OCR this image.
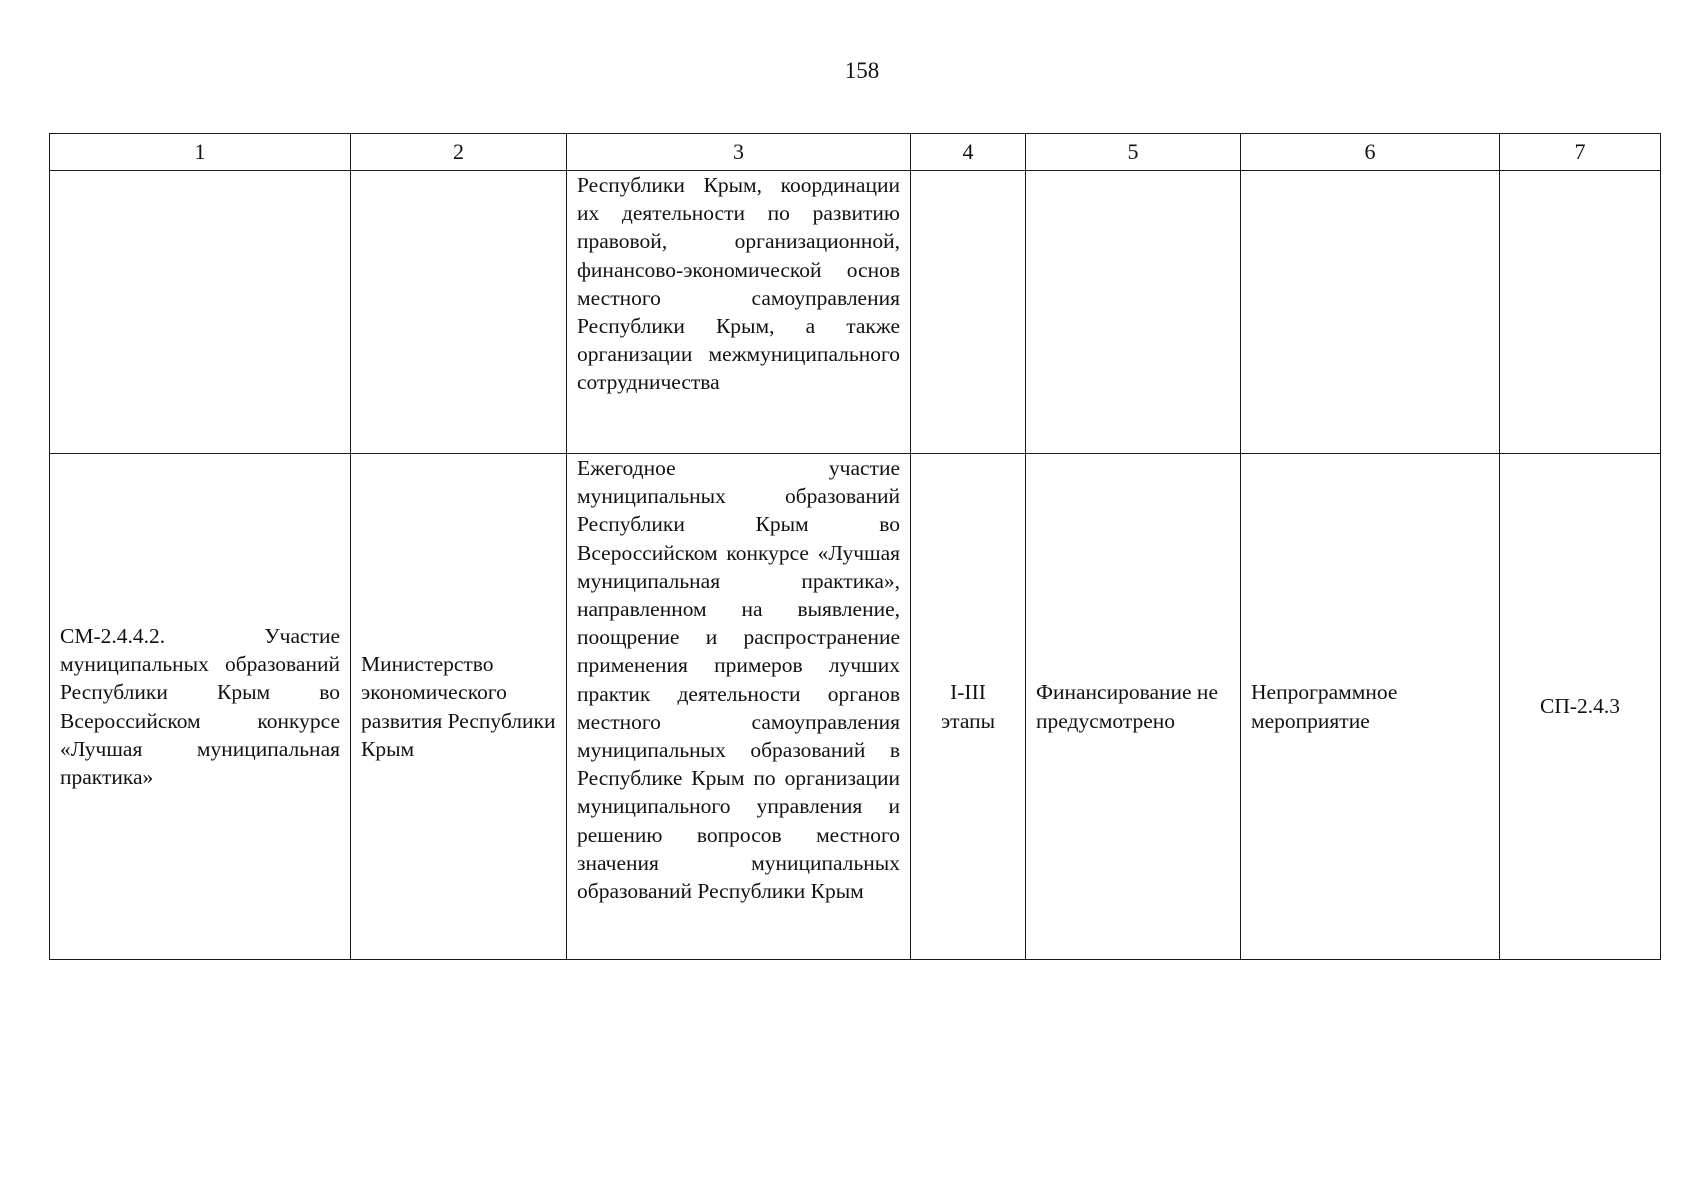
158
1	2	3	4	5	6	7
		Республики Крым, координации их деятельности по развитию правовой, организационной, финансово-экономической основ местного самоуправления Республики Крым, а также организации межмуниципального сотрудничества				
СМ-2.4.4.2. Участие муниципальных образований Республики Крым во Всероссийском конкурсе «Лучшая муниципальная практика»	Министерство экономического развития Республики Крым	Ежегодное участие муниципальных образований Республики Крым во Всероссийском конкурсе «Лучшая муниципальная практика», направленном на выявление, поощрение и распространение применения примеров лучших практик деятельности органов местного самоуправления муниципальных образований в Республике Крым по организации муниципального управления и решению вопросов местного значения муниципальных образований Республики Крым	I-III этапы	Финансирование не предусмотрено	Непрограммное мероприятие	СП-2.4.3
